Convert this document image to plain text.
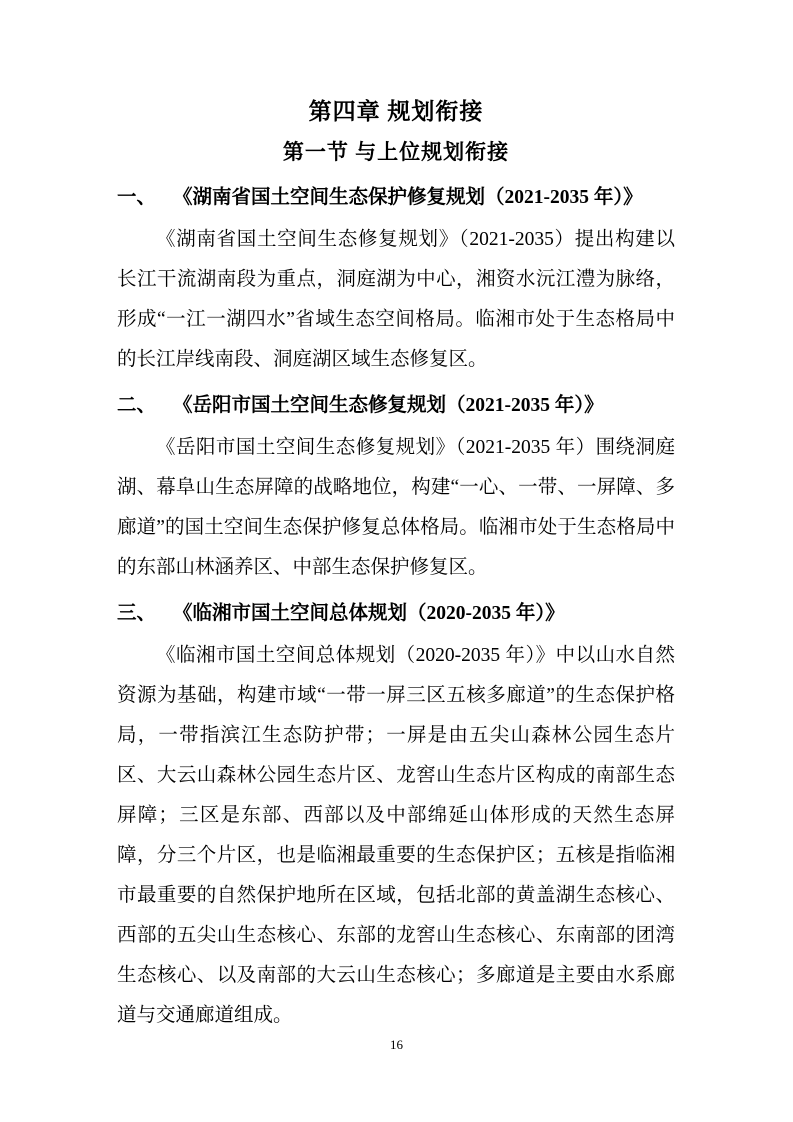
第四章 规划衔接
第一节 与上位规划衔接
一、 《湖南省国土空间生态保护修复规划（2021-2035 年）》

《湖南省国土空间生态修复规划》（2021-2035）提出构建以长江干流湖南段为重点，洞庭湖为中心，湘资水沅江澧为脉络，形成“一江一湖四水”省域生态空间格局。临湘市处于生态格局中的长江岸线南段、洞庭湖区域生态修复区。

二、 《岳阳市国土空间生态修复规划（2021-2035 年）》

《岳阳市国土空间生态修复规划》（2021-2035 年）围绕洞庭湖、幕阜山生态屏障的战略地位，构建“一心、一带、一屏障、多廊道”的国土空间生态保护修复总体格局。临湘市处于生态格局中的东部山林涵养区、中部生态保护修复区。

三、 《临湘市国土空间总体规划（2020-2035 年）》

《临湘市国土空间总体规划（2020-2035 年）》中以山水自然资源为基础，构建市域“一带一屏三区五核多廊道”的生态保护格局，一带指滨江生态防护带；一屏是由五尖山森林公园生态片区、大云山森林公园生态片区、龙窖山生态片区构成的南部生态屏障；三区是东部、西部以及中部绵延山体形成的天然生态屏障，分三个片区，也是临湘最重要的生态保护区；五核是指临湘市最重要的自然保护地所在区域，包括北部的黄盖湖生态核心、西部的五尖山生态核心、东部的龙窖山生态核心、东南部的团湾生态核心、以及南部的大云山生态核心；多廊道是主要由水系廊道与交通廊道组成。

16
